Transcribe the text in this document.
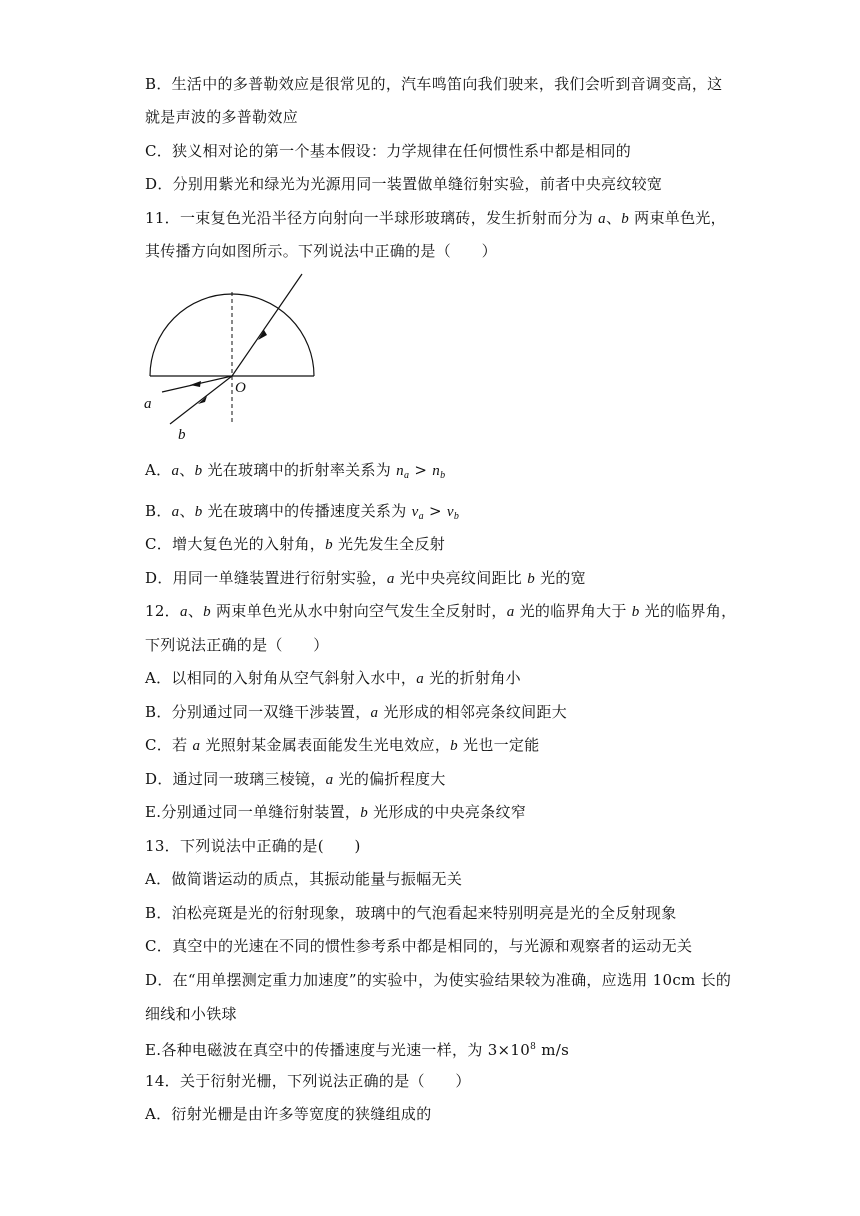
B．生活中的多普勒效应是很常见的，汽车鸣笛向我们驶来，我们会听到音调变高，这
就是声波的多普勒效应
C．狭义相对论的第一个基本假设：力学规律在任何惯性系中都是相同的
D．分别用紫光和绿光为光源用同一装置做单缝衍射实验，前者中央亮纹较宽
11．一束复色光沿半径方向射向一半球形玻璃砖，发生折射而分为 a、b 两束单色光，
其传播方向如图所示。下列说法中正确的是（　　）
O
a
b
A．a、b 光在玻璃中的折射率关系为 $n_a > n_b$
B．a、b 光在玻璃中的传播速度关系为 $v_a > v_b$
C．增大复色光的入射角，b 光先发生全反射
D．用同一单缝装置进行衍射实验，a 光中央亮纹间距比 b 光的宽
12．a、b 两束单色光从水中射向空气发生全反射时，a 光的临界角大于 b 光的临界角，
下列说法正确的是（　　）
A．以相同的入射角从空气斜射入水中，a 光的折射角小
B．分别通过同一双缝干涉装置，a 光形成的相邻亮条纹间距大
C．若 a 光照射某金属表面能发生光电效应，b 光也一定能
D．通过同一玻璃三棱镜，a 光的偏折程度大
E.分别通过同一单缝衍射装置，b 光形成的中央亮条纹窄
13．下列说法中正确的是(　　)
A．做简谐运动的质点，其振动能量与振幅无关
B．泊松亮斑是光的衍射现象，玻璃中的气泡看起来特别明亮是光的全反射现象
C．真空中的光速在不同的惯性参考系中都是相同的，与光源和观察者的运动无关
D．在“用单摆测定重力加速度”的实验中，为使实验结果较为准确，应选用 10cm 长的
细线和小铁球
E.各种电磁波在真空中的传播速度与光速一样，为 $3\times 10^8$ m/s
14．关于衍射光栅，下列说法正确的是（　　）
A．衍射光栅是由许多等宽度的狭缝组成的
